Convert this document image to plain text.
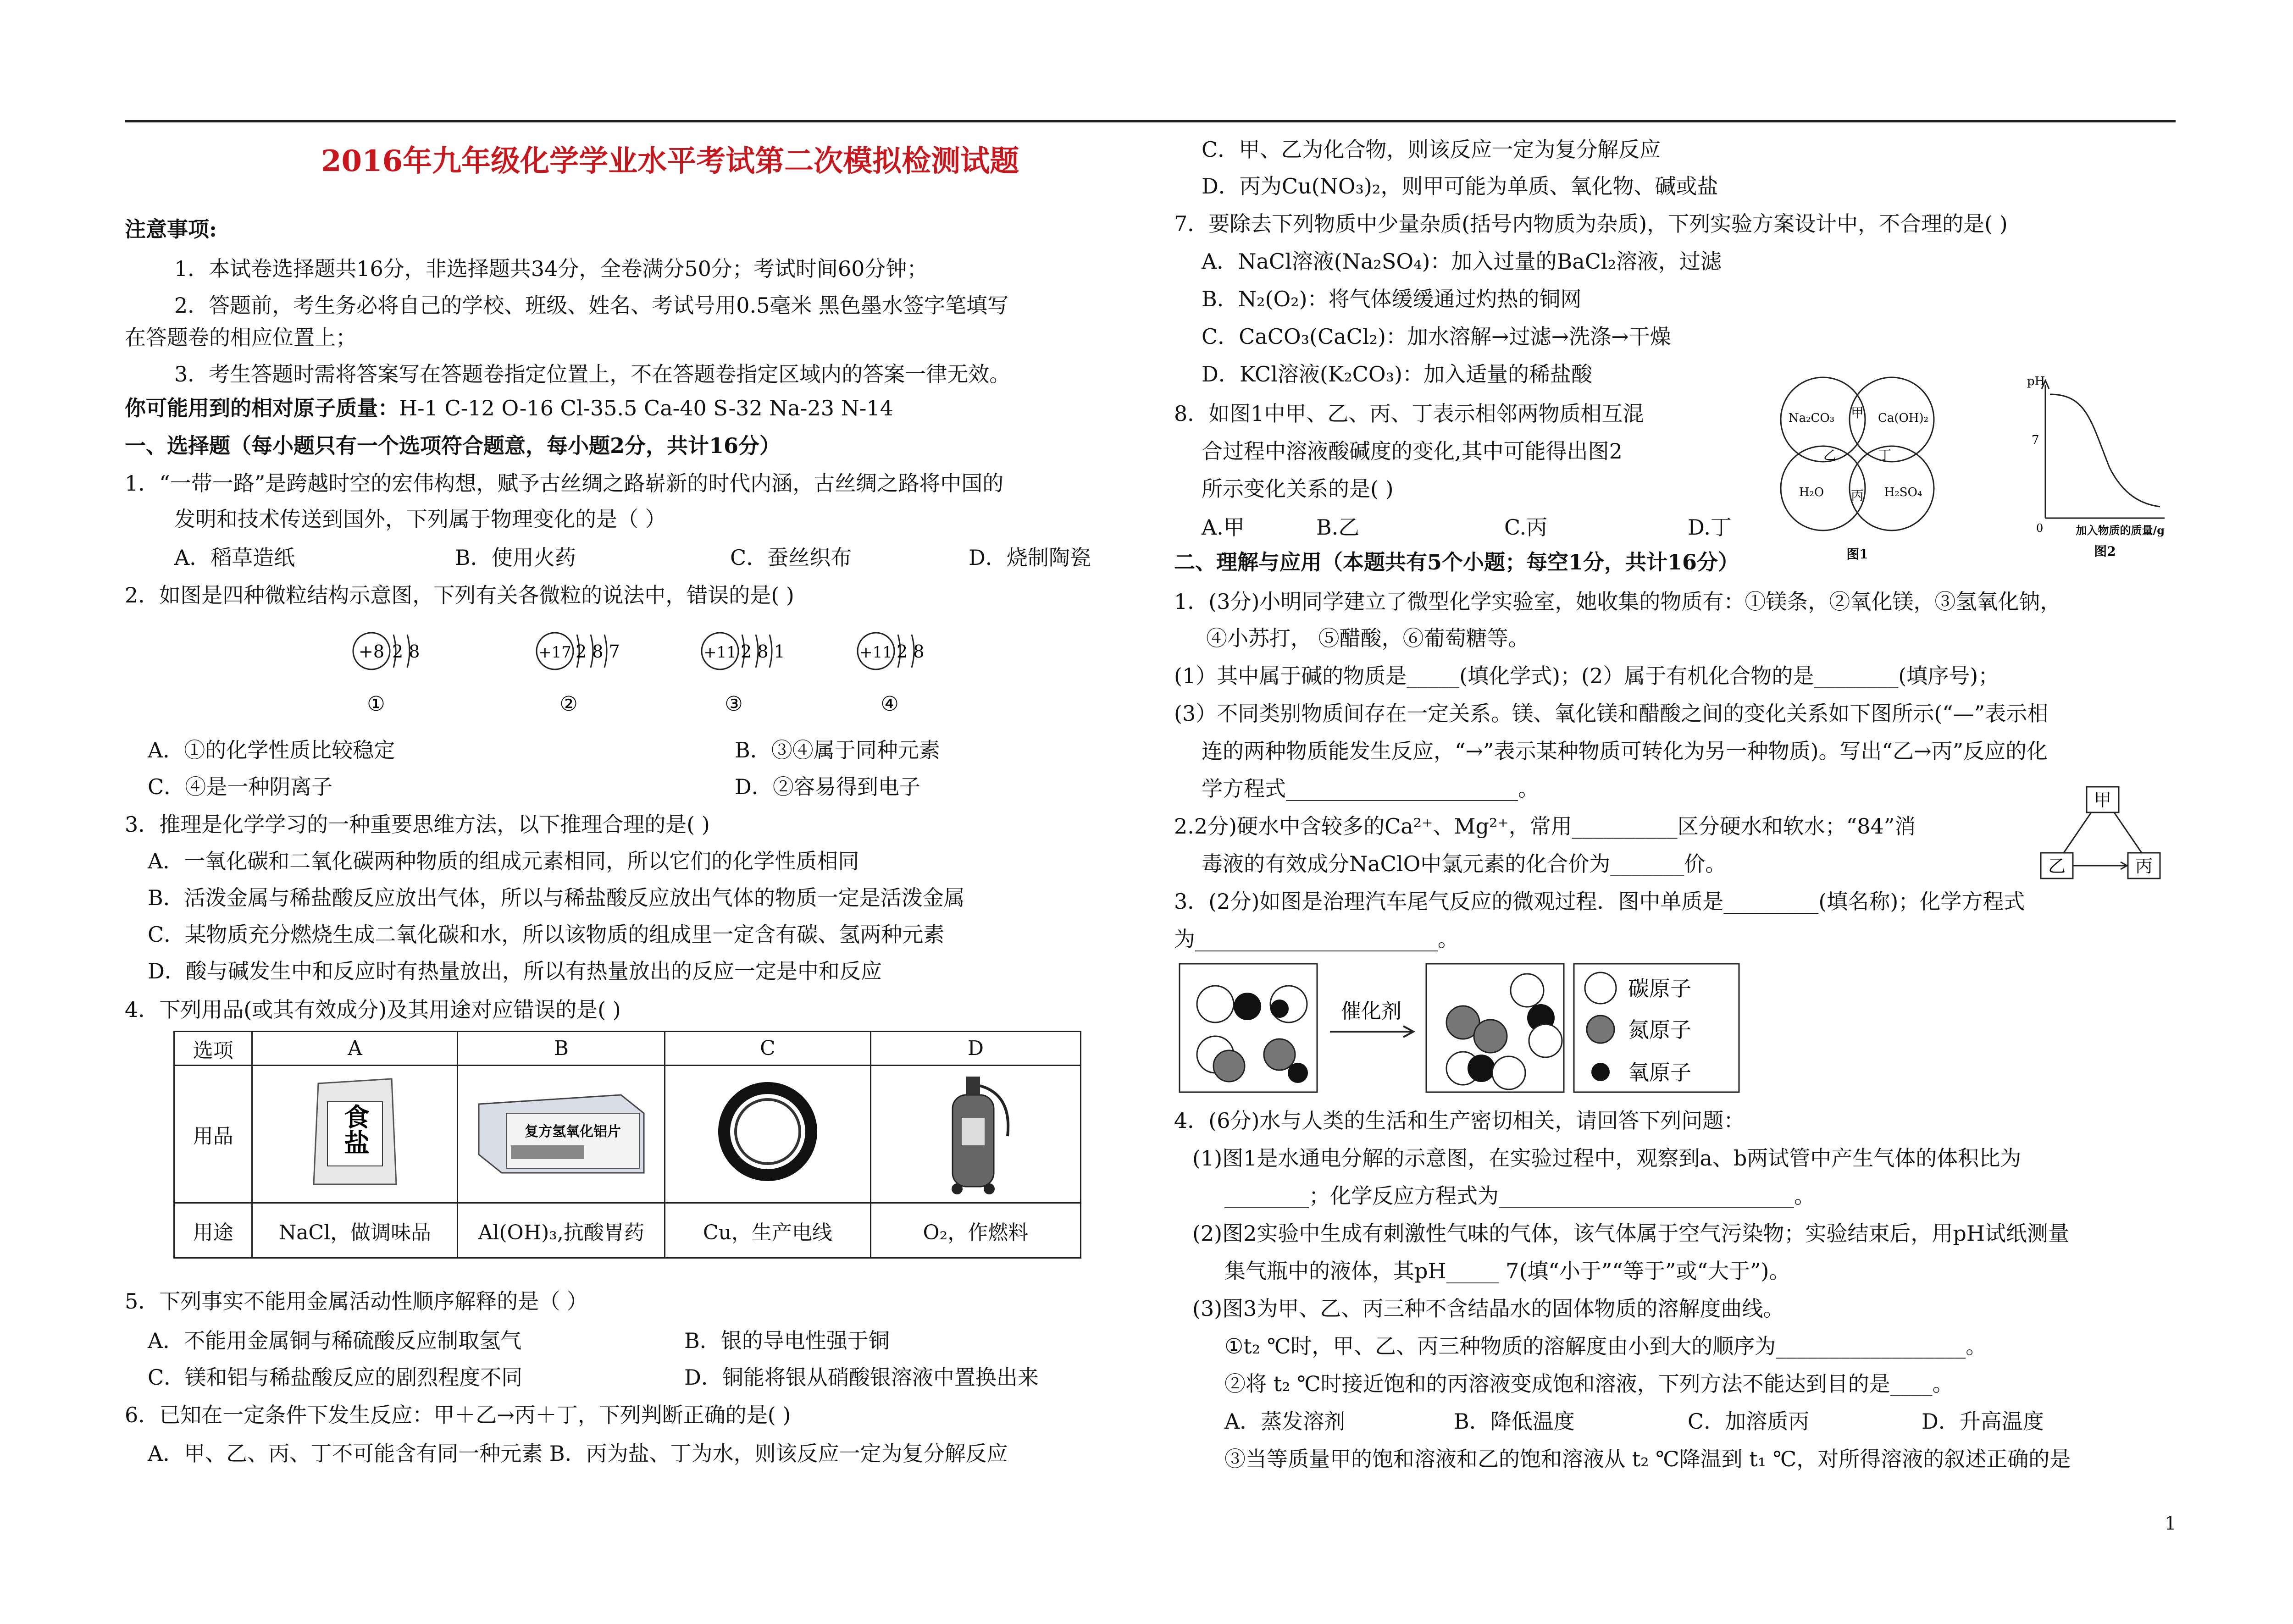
2016年九年级化学学业水平考试第二次模拟检测试题
注意事项:
1．本试卷选择题共16分，非选择题共34分，全卷满分50分；考试时间60分钟；
2．答题前，考生务必将自己的学校、班级、姓名、考试号用0.5毫米 黑色墨水签字笔填写
在答题卷的相应位置上；
3．考生答题时需将答案写在答题卷指定位置上，不在答题卷指定区域内的答案一律无效。
你可能用到的相对原子质量：H-1 C-12 O-16 Cl-35.5 Ca-40 S-32 Na-23 N-14
一、选择题（每小题只有一个选项符合题意，每小题2分，共计16分）
1．“一带一路”是跨越时空的宏伟构想，赋予古丝绸之路崭新的时代内涵，古丝绸之路将中国的
发明和技术传送到国外，下列属于物理变化的是（ ）
A．稻草造纸	B．使用火药	C．蚕丝织布	D．烧制陶瓷
2．如图是四种微粒结构示意图，下列有关各微粒的说法中，错误的是( )
+8 2 8
①
+17 2 8 7
②
+11 2 8 1
③
+11 2 8
④
A．①的化学性质比较稳定	B．③④属于同种元素
C．④是一种阴离子	D．②容易得到电子
3．推理是化学学习的一种重要思维方法，以下推理合理的是( )
A．一氧化碳和二氧化碳两种物质的组成元素相同，所以它们的化学性质相同
B．活泼金属与稀盐酸反应放出气体，所以与稀盐酸反应放出气体的物质一定是活泼金属
C．某物质充分燃烧生成二氧化碳和水，所以该物质的组成里一定含有碳、氢两种元素
D．酸与碱发生中和反应时有热量放出，所以有热量放出的反应一定是中和反应
4．下列用品(或其有效成分)及其用途对应错误的是( )
选项	A	B	C	D
用品	食盐	复方氢氧化铝片

用途	NaCl，做调味品	Al(OH)₃,抗酸胃药	Cu，生产电线	O₂，作燃料
5．下列事实不能用金属活动性顺序解释的是（ ）
A．不能用金属铜与稀硫酸反应制取氢气	B．银的导电性强于铜
C．镁和铝与稀盐酸反应的剧烈程度不同	D．铜能将银从硝酸银溶液中置换出来
6．已知在一定条件下发生反应：甲＋乙→丙＋丁，下列判断正确的是( )
A．甲、乙、丙、丁不可能含有同一种元素 B．丙为盐、丁为水，则该反应一定为复分解反应
C．甲、乙为化合物，则该反应一定为复分解反应
D．丙为Cu(NO₃)₂，则甲可能为单质、氧化物、碱或盐
7．要除去下列物质中少量杂质(括号内物质为杂质)，下列实验方案设计中，不合理的是( )
A．NaCl溶液(Na₂SO₄)：加入过量的BaCl₂溶液，过滤
B．N₂(O₂)：将气体缓缓通过灼热的铜网
C．CaCO₃(CaCl₂)：加水溶解→过滤→洗涤→干燥
D．KCl溶液(K₂CO₃)：加入适量的稀盐酸
8．如图1中甲、乙、丙、丁表示相邻两物质相互混
合过程中溶液酸碱度的变化,其中可能得出图2
所示变化关系的是( )
A.甲	B.乙	C.丙	D.丁
Na₂CO₃	Ca(OH)₂
H₂O	H₂SO₄
甲
乙	丁
丙
图1
pH
7
0	加入物质的质量/g
图2
二、理解与应用（本题共有5个小题；每空1分，共计16分）
1．(3分)小明同学建立了微型化学实验室，她收集的物质有：①镁条，②氧化镁，③氢氧化钠，
④小苏打， ⑤醋酸，⑥葡萄糖等。
(1）其中属于碱的物质是_____(填化学式)；(2）属于有机化合物的是________(填序号)；
(3）不同类别物质间存在一定关系。镁、氧化镁和醋酸之间的变化关系如下图所示(“—”表示相
连的两种物质能发生反应，“→”表示某种物质可转化为另一种物质)。写出“乙→丙”反应的化
学方程式______________________。
2.2分)硬水中含较多的Ca²⁺、Mg²⁺，常用__________区分硬水和软水；“84”消
毒液的有效成分NaClO中氯元素的化合价为_______价。
3．(2分)如图是治理汽车尾气反应的微观过程．图中单质是_________(填名称)；化学方程式
为_______________________。
甲
乙	丙
催化剂
碳原子
氮原子
氧原子
4．(6分)水与人类的生活和生产密切相关，请回答下列问题：
(1)图1是水通电分解的示意图，在实验过程中，观察到a、b两试管中产生气体的体积比为
________；化学反应方程式为____________________________。
(2)图2实验中生成有刺激性气味的气体，该气体属于空气污染物；实验结束后，用pH试纸测量
集气瓶中的液体，其pH_____ 7(填“小于”“等于”或“大于”)。
(3)图3为甲、乙、丙三种不含结晶水的固体物质的溶解度曲线。
①t₂ ℃时，甲、乙、丙三种物质的溶解度由小到大的顺序为__________________。
②将 t₂ ℃时接近饱和的丙溶液变成饱和溶液，下列方法不能达到目的是____。
A．蒸发溶剂	B．降低温度	C．加溶质丙	D．升高温度
③当等质量甲的饱和溶液和乙的饱和溶液从 t₂ ℃降温到 t₁ ℃，对所得溶液的叙述正确的是
1
